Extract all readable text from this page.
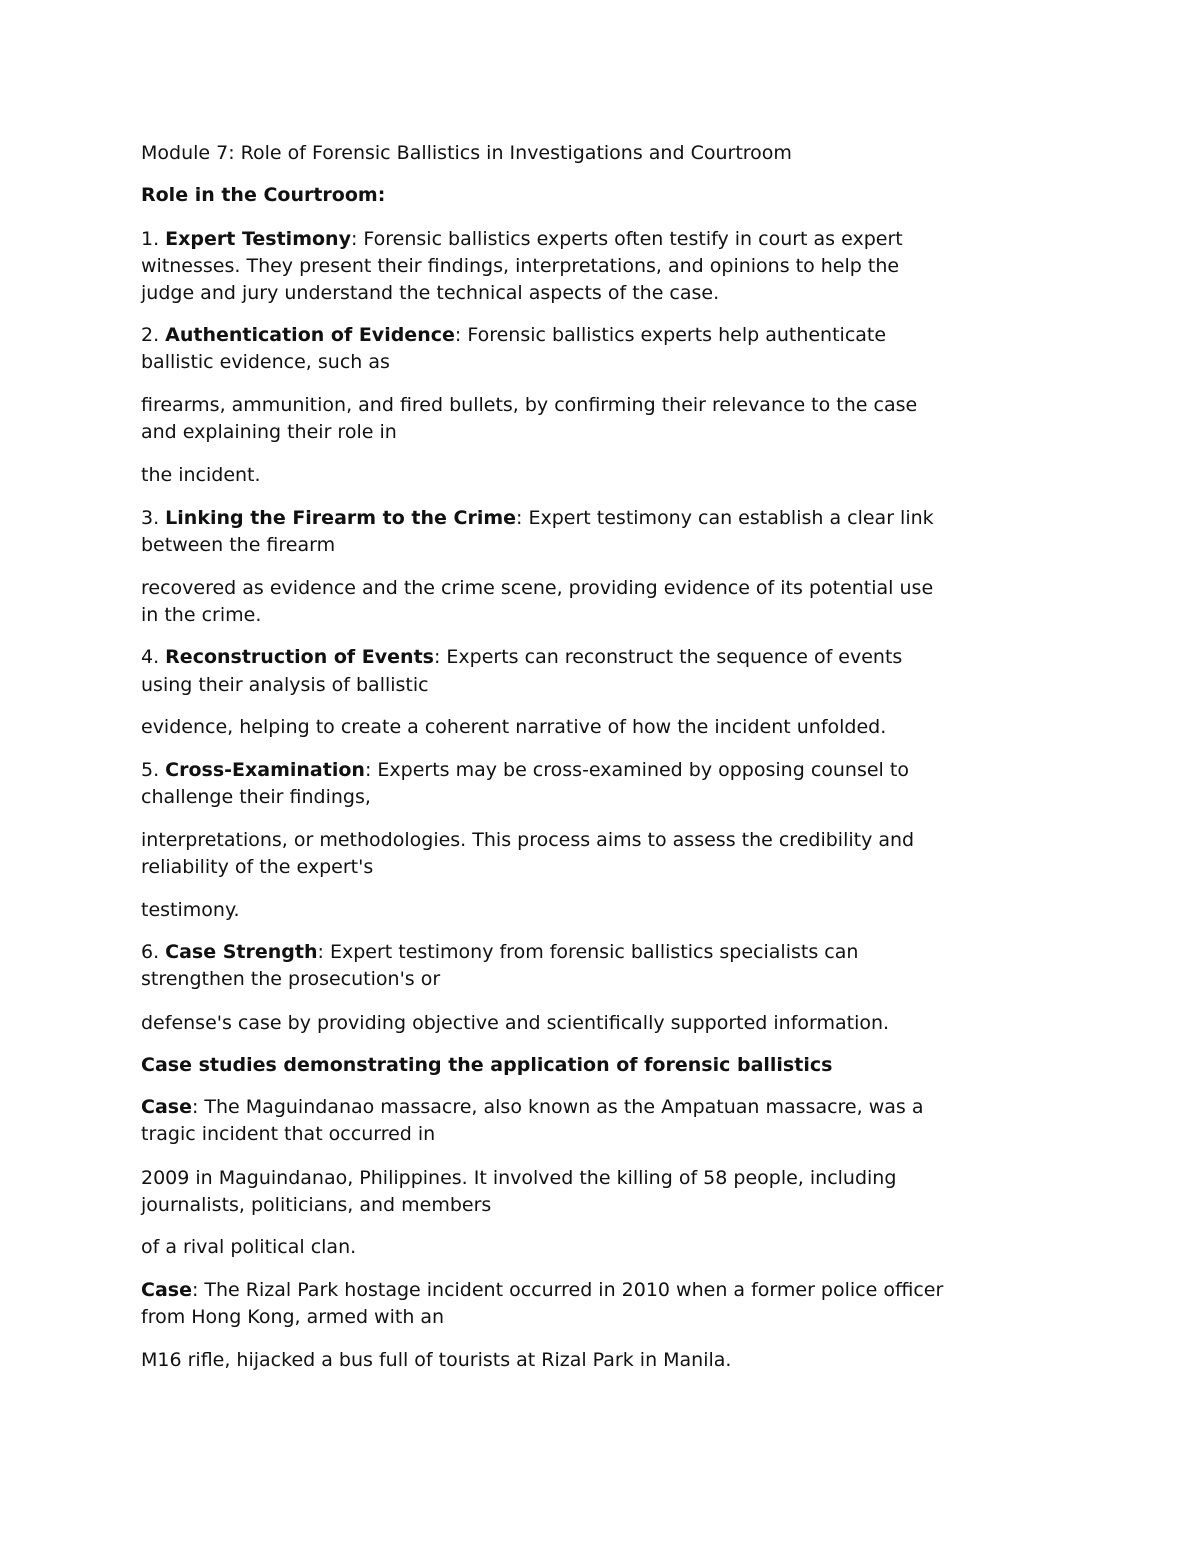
Module 7: Role of Forensic Ballistics in Investigations and Courtroom
Role in the Courtroom:
1. Expert Testimony: Forensic ballistics experts often testify in court as expert
witnesses. They present their findings, interpretations, and opinions to help the
judge and jury understand the technical aspects of the case.
2. Authentication of Evidence: Forensic ballistics experts help authenticate
ballistic evidence, such as
firearms, ammunition, and fired bullets, by confirming their relevance to the case
and explaining their role in
the incident.
3. Linking the Firearm to the Crime: Expert testimony can establish a clear link
between the firearm
recovered as evidence and the crime scene, providing evidence of its potential use
in the crime.
4. Reconstruction of Events: Experts can reconstruct the sequence of events
using their analysis of ballistic
evidence, helping to create a coherent narrative of how the incident unfolded.
5. Cross-Examination: Experts may be cross-examined by opposing counsel to
challenge their findings,
interpretations, or methodologies. This process aims to assess the credibility and
reliability of the expert's
testimony.
6. Case Strength: Expert testimony from forensic ballistics specialists can
strengthen the prosecution's or
defense's case by providing objective and scientifically supported information.
Case studies demonstrating the application of forensic ballistics
Case: The Maguindanao massacre, also known as the Ampatuan massacre, was a
tragic incident that occurred in
2009 in Maguindanao, Philippines. It involved the killing of 58 people, including
journalists, politicians, and members
of a rival political clan.
Case: The Rizal Park hostage incident occurred in 2010 when a former police officer
from Hong Kong, armed with an
M16 rifle, hijacked a bus full of tourists at Rizal Park in Manila.
